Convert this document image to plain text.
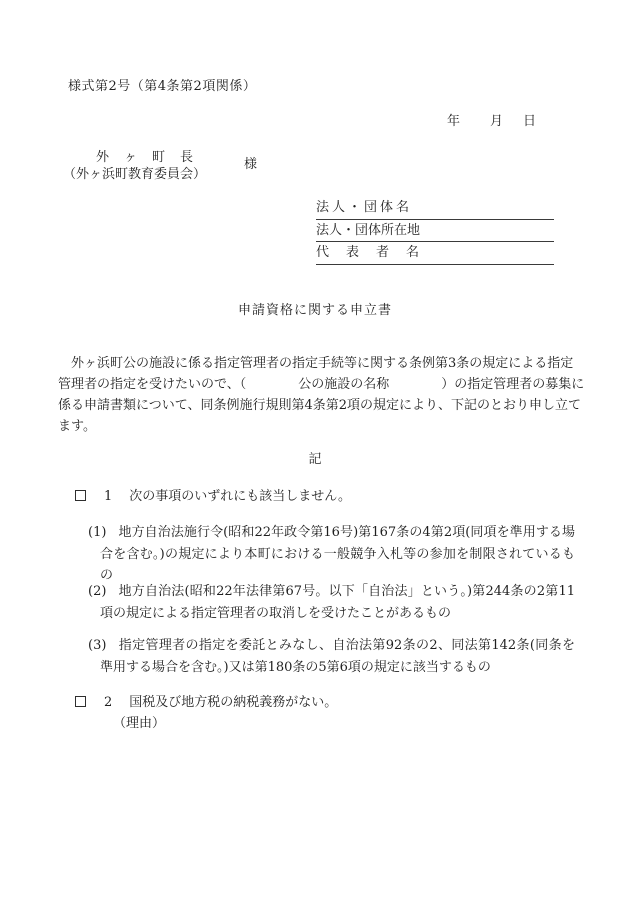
様式第2号（第4条第2項関係）
年 月 日
外ヶ町長
（外ヶ浜町教育委員会）
様
法人・団体名
法人・団体所在地
代表者名
申請資格に関する申立書
　外ヶ浜町公の施設に係る指定管理者の指定手続等に関する条例第3条の規定による指定
管理者の指定を受けたいので、（　　　　公の施設の名称　　　　）の指定管理者の募集に
係る申請書類について、同条例施行規則第4条第2項の規定により、下記のとおり申し立て
ます。
記
1 次の事項のいずれにも該当しません。
(1) 地方自治法施行令(昭和22年政令第16号)第167条の4第2項(同項を準用する場合を含む。)の規定により本町における一般競争入札等の参加を制限されているもの
(2) 地方自治法(昭和22年法律第67号。以下「自治法」という。)第244条の2第11項の規定による指定管理者の取消しを受けたことがあるもの
(3) 指定管理者の指定を委託とみなし、自治法第92条の2、同法第142条(同条を準用する場合を含む。)又は第180条の5第6項の規定に該当するもの
2 国税及び地方税の納税義務がない。
（理由）
